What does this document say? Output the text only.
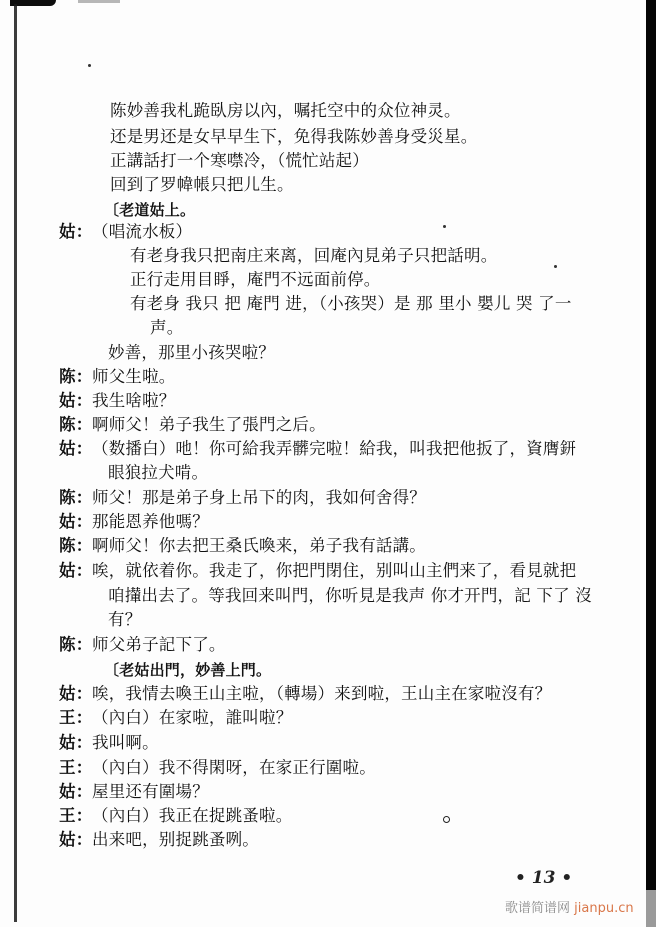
陈妙善我札跪臥房以內，嘱托空中的众位神灵。
还是男还是女早早生下，免得我陈妙善身受災星。
正講話打一个寒噤冷，（慌忙站起）
回到了罗幃帳只把儿生。
〔老道姑上。
姑： （唱流水板）
有老身我只把南庄来离，回庵內見弟子只把話明。
正行走用目睜，庵門不远面前停。
有老身 我只 把 庵門 进，（小孩哭）是 那 里小 嬰儿 哭 了一
声。
妙善，那里小孩哭啦？
陈： 师父生啦。
姑： 我生啥啦？
陈： 啊师父！弟子我生了張門之后。
姑： （数播白）吔！你可給我弄髒完啦！給我，叫我把他扳了，資膺鈃
眼狼拉犬啃。
陈： 师父！那是弟子身上吊下的肉，我如何舍得？
姑： 那能恩养他嗎？
陈： 啊师父！你去把王桑氏喚来，弟子我有話講。
姑： 唉，就依着你。我走了，你把門閉住，别叫山主們来了，看見就把
咱攆出去了。等我回来叫門，你听見是我声 你才开門，記 下了 沒
有？
陈： 师父弟子記下了。
〔老姑出門，妙善上門。
姑： 唉，我情去喚王山主啦，（轉場）来到啦，王山主在家啦沒有？
王： （內白）在家啦，誰叫啦？
姑： 我叫啊。
王： （內白）我不得閑呀，在家正行圍啦。
姑： 屋里还有圍場？
王： （內白）我正在捉跳蚤啦。
姑： 出来吧，别捉跳蚤咧。
• 13 •
歌谱简谱网 jianpu.cn
